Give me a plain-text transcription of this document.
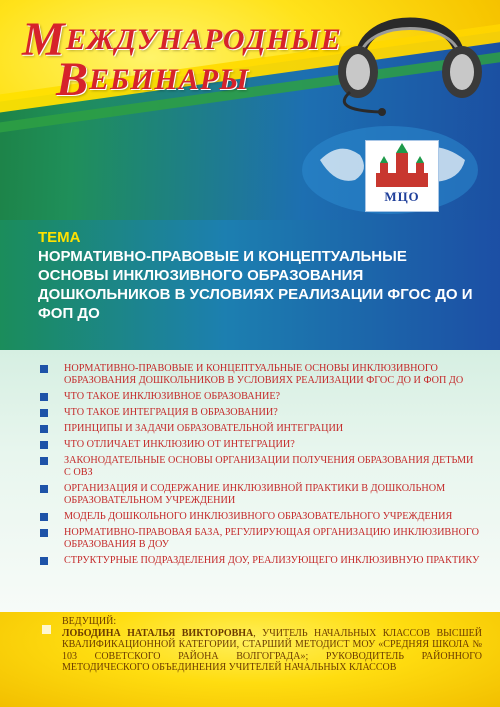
МЕЖДУНАРОДНЫЕ
ВЕБИНАРЫ
МЦО
ТЕМА
НОРМАТИВНО-ПРАВОВЫЕ И КОНЦЕПТУАЛЬНЫЕ ОСНОВЫ ИНКЛЮЗИВНОГО ОБРАЗОВАНИЯ ДОШКОЛЬНИКОВ В УСЛОВИЯХ РЕАЛИЗАЦИИ ФГОС ДО И ФОП ДО
НОРМАТИВНО-ПРАВОВЫЕ И КОНЦЕПТУАЛЬНЫЕ ОСНОВЫ ИНКЛЮЗИВНОГО ОБРАЗОВАНИЯ ДОШКОЛЬНИКОВ В УСЛОВИЯХ РЕАЛИЗАЦИИ ФГОС ДО И ФОП ДО
ЧТО ТАКОЕ ИНКЛЮЗИВНОЕ ОБРАЗОВАНИЕ?
ЧТО ТАКОЕ ИНТЕГРАЦИЯ В ОБРАЗОВАНИИ?
ПРИНЦИПЫ И ЗАДАЧИ ОБРАЗОВАТЕЛЬНОЙ ИНТЕГРАЦИИ
ЧТО ОТЛИЧАЕТ ИНКЛЮЗИЮ ОТ ИНТЕГРАЦИИ?
ЗАКОНОДАТЕЛЬНЫЕ ОСНОВЫ ОРГАНИЗАЦИИ ПОЛУЧЕНИЯ ОБРАЗОВАНИЯ ДЕТЬМИ С ОВЗ
ОРГАНИЗАЦИЯ И СОДЕРЖАНИЕ ИНКЛЮЗИВНОЙ ПРАКТИКИ В ДОШКОЛЬНОМ ОБРАЗОВАТЕЛЬНОМ УЧРЕЖДЕНИИ
МОДЕЛЬ ДОШКОЛЬНОГО ИНКЛЮЗИВНОГО ОБРАЗОВАТЕЛЬНОГО УЧРЕЖДЕНИЯ
НОРМАТИВНО-ПРАВОВАЯ БАЗА, РЕГУЛИРУЮЩАЯ ОРГАНИЗАЦИЮ ИНКЛЮЗИВНОГО ОБРАЗОВАНИЯ В ДОУ
СТРУКТУРНЫЕ ПОДРАЗДЕЛЕНИЯ ДОУ, РЕАЛИЗУЮЩЕГО ИНКЛЮЗИВНУЮ ПРАКТИКУ
ВЕДУЩИЙ:
ЛОБОДИНА НАТАЛЬЯ ВИКТОРОВНА, УЧИТЕЛЬ НАЧАЛЬНЫХ КЛАССОВ ВЫСШЕЙ КВАЛИФИКАЦИОННОЙ КАТЕГОРИИ, СТАРШИЙ МЕТОДИСТ МОУ «СРЕДНЯЯ ШКОЛА № 103 СОВЕТСКОГО РАЙОНА ВОЛГОГРАДА»; РУКОВОДИТЕЛЬ РАЙОННОГО МЕТОДИЧЕСКОГО ОБЪЕДИНЕНИЯ УЧИТЕЛЕЙ НАЧАЛЬНЫХ КЛАССОВ
